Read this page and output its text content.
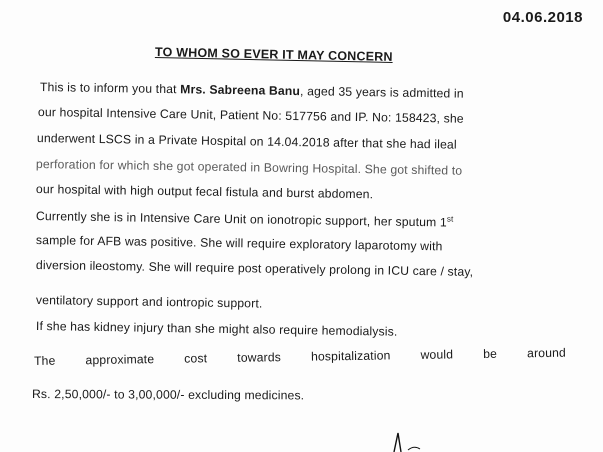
04.06.2018
TO WHOM SO EVER IT MAY CONCERN
This is to inform you that Mrs. Sabreena Banu, aged 35 years is admitted in
our hospital Intensive Care Unit, Patient No: 517756 and IP. No: 158423, she
underwent LSCS in a Private Hospital on 14.04.2018 after that she had ileal
perforation for which she got operated in Bowring Hospital. She got shifted to
our hospital with high output fecal fistula and burst abdomen.
Currently she is in Intensive Care Unit on ionotropic support, her sputum 1st
sample for AFB was positive. She will require exploratory laparotomy with
diversion ileostomy. She will require post operatively prolong in ICU care / stay,
ventilatory support and iontropic support.
If she has kidney injury than she might also require hemodialysis.
The approximate cost towards hospitalization would be around
Rs. 2,50,000/- to 3,00,000/- excluding medicines.
